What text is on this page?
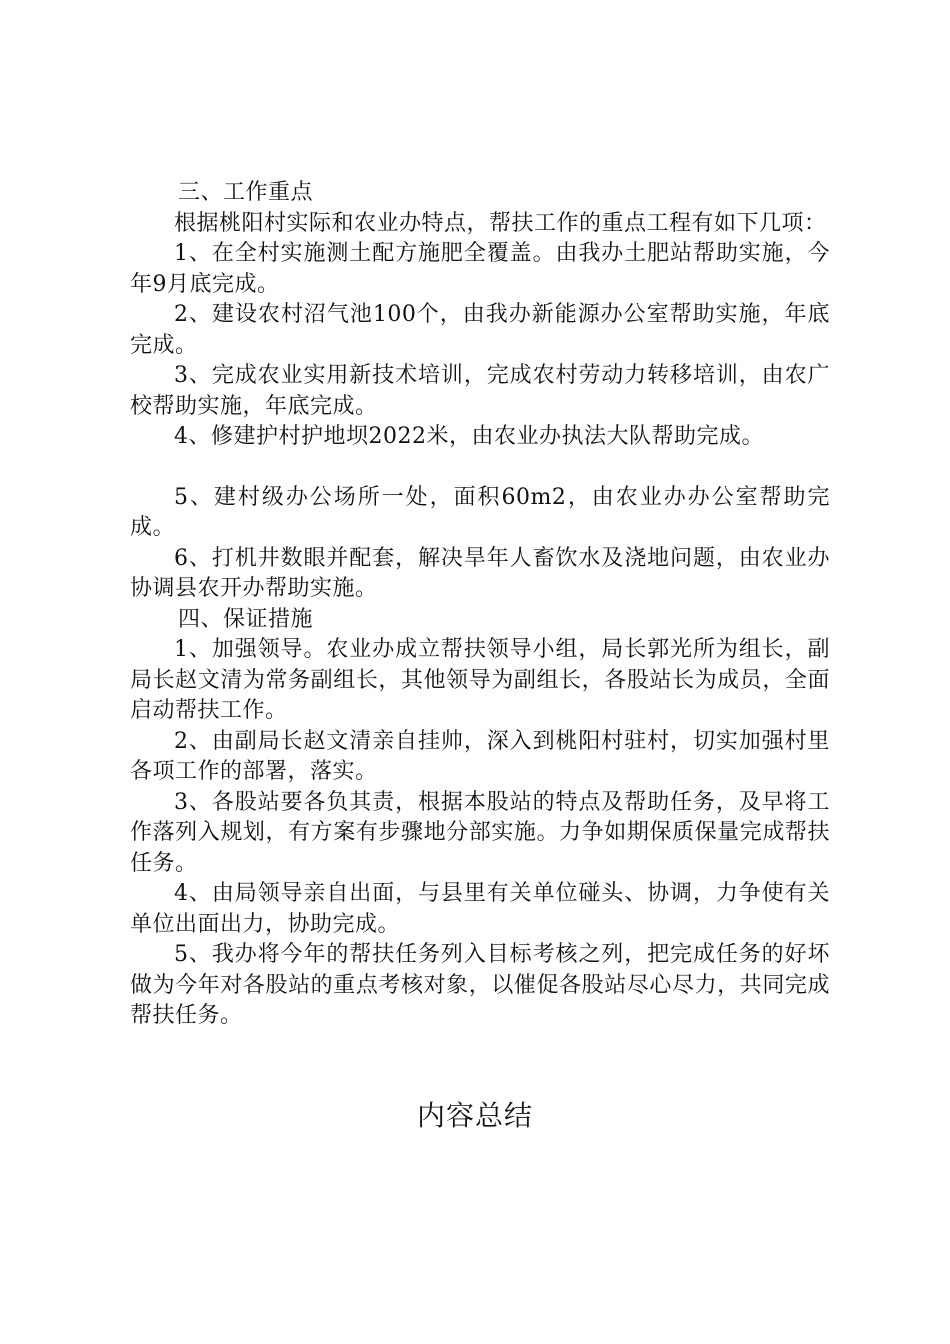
三、工作重点

根据桃阳村实际和农业办特点，帮扶工作的重点工程有如下几项：

1、在全村实施测土配方施肥全覆盖。由我办土肥站帮助实施，今年9月底完成。

2、建设农村沼气池100个，由我办新能源办公室帮助实施，年底完成。

3、完成农业实用新技术培训，完成农村劳动力转移培训，由农广校帮助实施，年底完成。

4、修建护村护地坝2022米，由农业办执法大队帮助完成。

5、建村级办公场所一处，面积60m2，由农业办办公室帮助完成。

6、打机井数眼并配套，解决旱年人畜饮水及浇地问题，由农业办协调县农开办帮助实施。

四、保证措施

1、加强领导。农业办成立帮扶领导小组，局长郭光所为组长，副局长赵文清为常务副组长，其他领导为副组长，各股站长为成员，全面启动帮扶工作。

2、由副局长赵文清亲自挂帅，深入到桃阳村驻村，切实加强村里各项工作的部署，落实。

3、各股站要各负其责，根据本股站的特点及帮助任务，及早将工作落列入规划，有方案有步骤地分部实施。力争如期保质保量完成帮扶任务。

4、由局领导亲自出面，与县里有关单位碰头、协调，力争使有关单位出面出力，协助完成。

5、我办将今年的帮扶任务列入目标考核之列，把完成任务的好坏做为今年对各股站的重点考核对象，以催促各股站尽心尽力，共同完成帮扶任务。

内容总结
